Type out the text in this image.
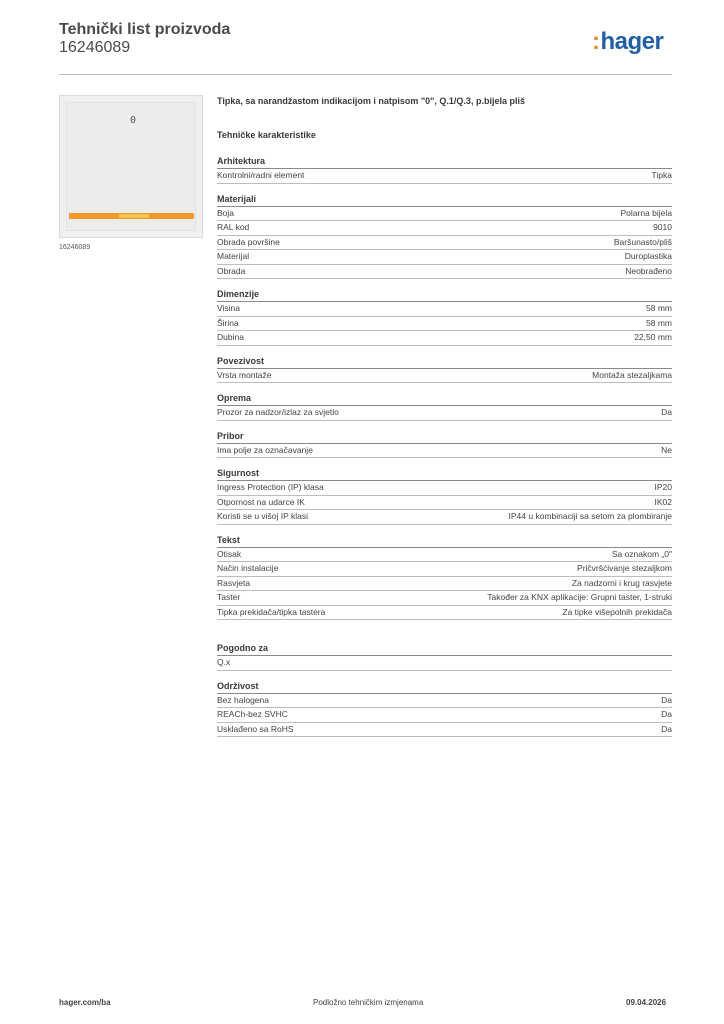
Tehnički list proizvoda
16246089	:hager
0
16246089
Tipka, sa narandžastom indikacijom i natpisom "0", Q.1/Q.3, p.bijela pliš
Tehničke karakteristike
Arhitektura
Kontrolni/radni element	Tipka
Materijali
Boja	Polarna bijela
RAL kod	9010
Obrada površine	Baršunasto/pliš
Materijal	Duroplastika
Obrada	Neobrađeno
Dimenzije
Visina	58 mm
Širina	58 mm
Dubina	22,50 mm
Povezivost
Vrsta montaže	Montaža stezaljkama
Oprema
Prozor za nadzor/izlaz za svjetlo	Da
Pribor
Ima polje za označavanje	Ne
Sigurnost
Ingress Protection (IP) klasa	IP20
Otpornost na udarce IK	IK02
Koristi se u višoj IP klasi	IP44 u kombinaciji sa setom za plombiranje
Tekst
Otisak	Sa oznakom „0"
Način instalacije	Pričvršćivanje stezaljkom
Rasvjeta	Za nadzorni i krug rasvjete
Taster	Također za KNX aplikacije: Grupni taster, 1-struki
Tipka prekidača/tipka tastera	Za tipke višepolnih prekidača
Pogodno za
Q.x
Održivost
Bez halogena	Da
REACh-bez SVHC	Da
Usklađeno sa RoHS	Da
hager.com/ba	Podložno tehničkim izmjenama	09.04.2026
